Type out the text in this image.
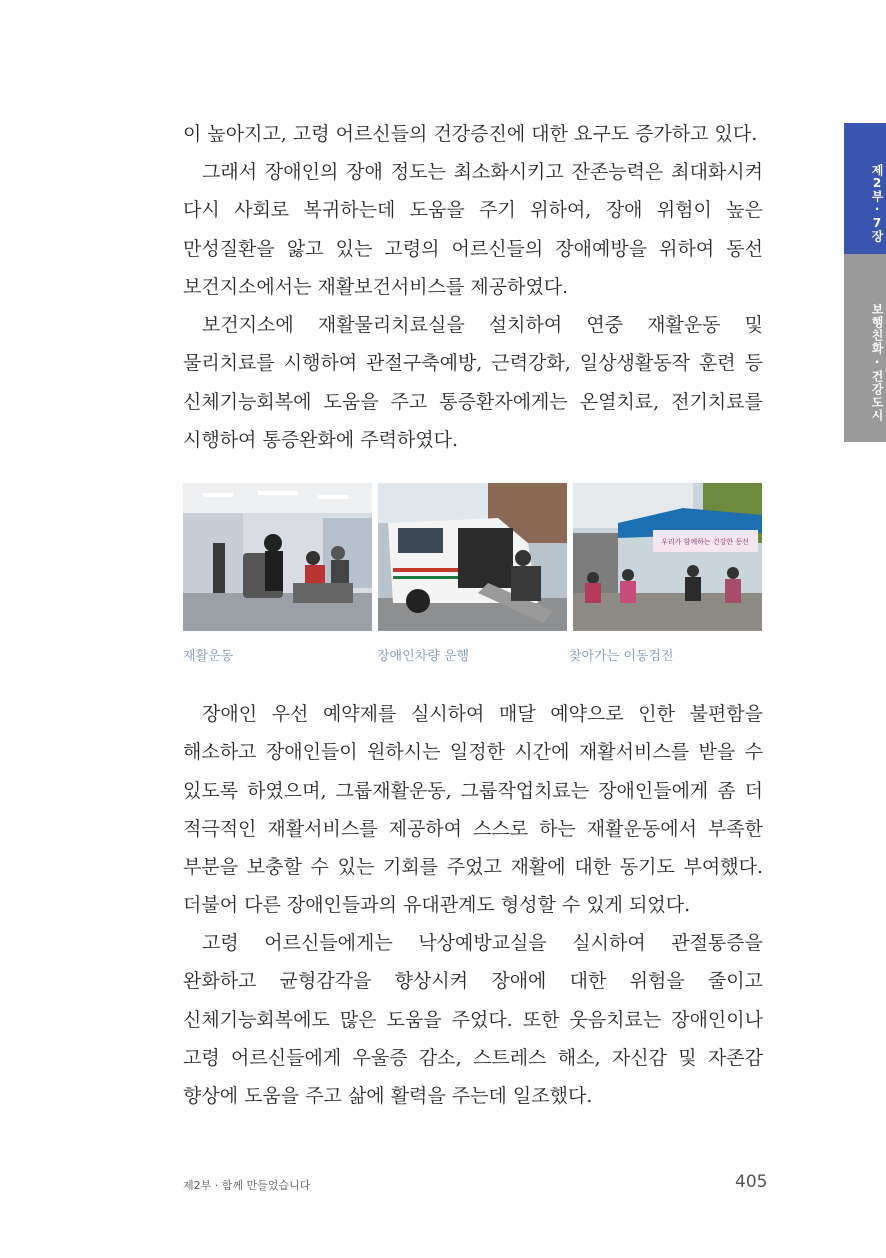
제2부·7장
보행친화·건강도시

이 높아지고, 고령 어르신들의 건강증진에 대한 요구도 증가하고 있다.

그래서 장애인의 장애 정도는 최소화시키고 잔존능력은 최대화시켜 다시 사회로 복귀하는데 도움을 주기 위하여, 장애 위험이 높은 만성질환을 앓고 있는 고령의 어르신들의 장애예방을 위하여 동선 보건지소에서는 재활보건서비스를 제공하였다.

보건지소에 재활물리치료실을 설치하여 연중 재활운동 및 물리치료를 시행하여 관절구축예방, 근력강화, 일상생활동작 훈련 등 신체기능회복에 도움을 주고 통증환자에게는 온열치료, 전기치료를 시행하여 통증완화에 주력하였다.

우리가 함께하는 건강한 동선
재활운동	장애인차량 운행	찾아가는 이동검진

장애인 우선 예약제를 실시하여 매달 예약으로 인한 불편함을 해소하고 장애인들이 원하시는 일정한 시간에 재활서비스를 받을 수 있도록 하였으며, 그룹재활운동, 그룹작업치료는 장애인들에게 좀 더 적극적인 재활서비스를 제공하여 스스로 하는 재활운동에서 부족한 부분을 보충할 수 있는 기회를 주었고 재활에 대한 동기도 부여했다. 더불어 다른 장애인들과의 유대관계도 형성할 수 있게 되었다.

고령 어르신들에게는 낙상예방교실을 실시하여 관절통증을 완화하고 균형감각을 향상시켜 장애에 대한 위험을 줄이고 신체기능회복에도 많은 도움을 주었다. 또한 웃음치료는 장애인이나 고령 어르신들에게 우울증 감소, 스트레스 해소, 자신감 및 자존감 향상에 도움을 주고 삶에 활력을 주는데 일조했다.

제2부 · 함께 만들었습니다	405
